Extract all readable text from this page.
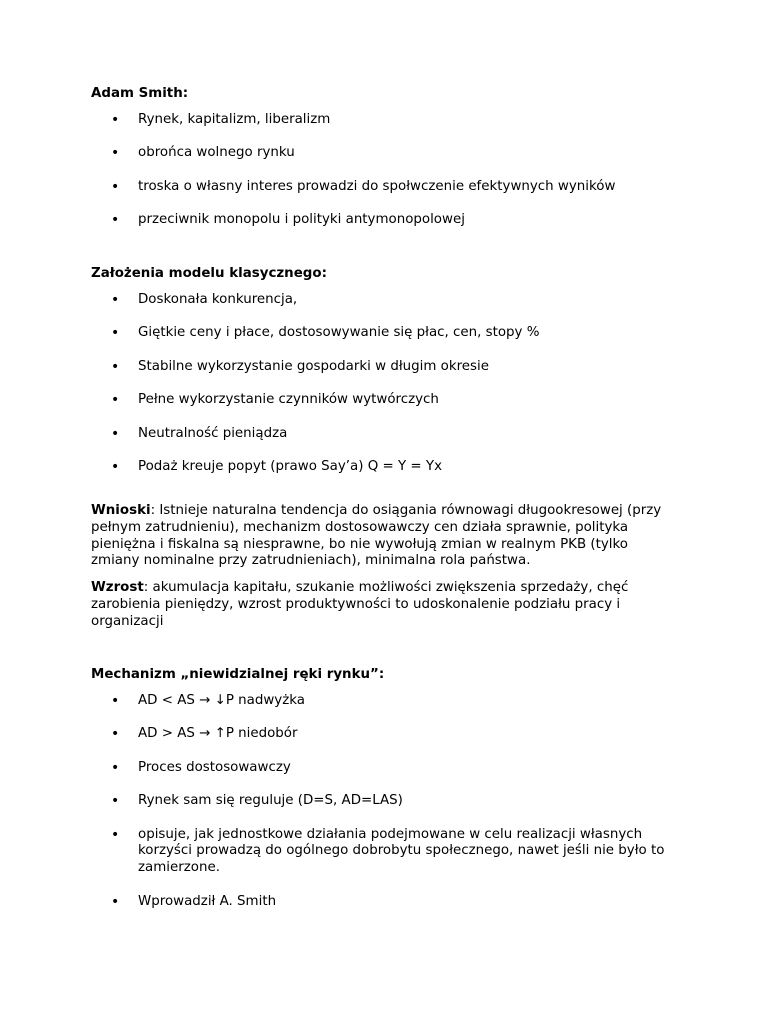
Adam Smith:
• Rynek, kapitalizm, liberalizm
• obrońca wolnego rynku
• troska o własny interes prowadzi do społwczenie efektywnych wyników
• przeciwnik monopolu i polityki antymonopolowej
Założenia modelu klasycznego:
• Doskonała konkurencja,
• Giętkie ceny i płace, dostosowywanie się płac, cen, stopy %
• Stabilne wykorzystanie gospodarki w długim okresie
• Pełne wykorzystanie czynników wytwórczych
• Neutralność pieniądza
• Podaż kreuje popyt (prawo Say’a) Q = Y = Yx

Wnioski: Istnieje naturalna tendencja do osiągania równowagi długookresowej (przy pełnym zatrudnieniu), mechanizm dostosowawczy cen działa sprawnie, polityka pieniężna i fiskalna są niesprawne, bo nie wywołują zmian w realnym PKB (tylko zmiany nominalne przy zatrudnieniach), minimalna rola państwa.

Wzrost: akumulacja kapitału, szukanie możliwości zwiększenia sprzedaży, chęć zarobienia pieniędzy, wzrost produktywności to udoskonalenie podziału pracy i organizacji

Mechanizm „niewidzialnej ręki rynku”:
• AD < AS → ↓P nadwyżka
• AD > AS → ↑P niedobór
• Proces dostosowawczy
• Rynek sam się reguluje (D=S, AD=LAS)
• opisuje, jak jednostkowe działania podejmowane w celu realizacji własnych korzyści prowadzą do ogólnego dobrobytu społecznego, nawet jeśli nie było to zamierzone.
• Wprowadził A. Smith
